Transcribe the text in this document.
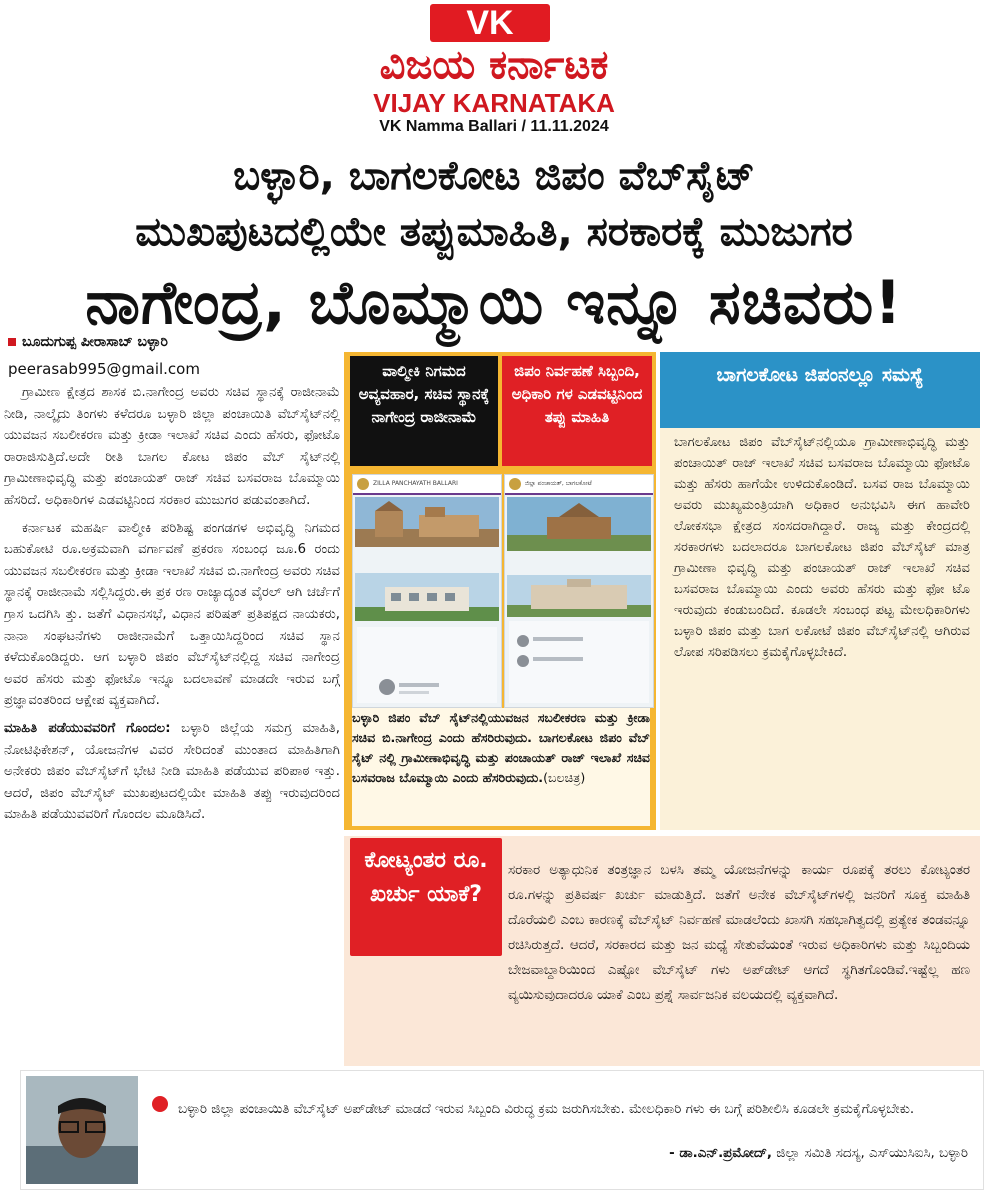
VK
ವಿಜಯ ಕರ್ನಾಟಕ
VIJAY KARNATAKA
VK Namma Ballari / 11.11.2024
ಬಳ್ಳಾರಿ, ಬಾಗಲಕೋಟ ಜಿಪಂ ವೆಬ್‌ಸೈಟ್
ಮುಖಪುಟದಲ್ಲಿಯೇ ತಪ್ಪುಮಾಹಿತಿ, ಸರಕಾರಕ್ಕೆ ಮುಜುಗರ
ನಾಗೇಂದ್ರ, ಬೊಮ್ಮಾಯಿ ಇನ್ನೂ ಸಚಿವರು!
ಬೂದುಗುಪ್ಪ ಪೀರಾಸಾಬ್ ಬಳ್ಳಾರಿ
peerasab995@gmail.com

ಗ್ರಾಮೀಣ ಕ್ಷೇತ್ರದ ಶಾಸಕ ಬಿ.ನಾಗೇಂದ್ರ ಅವರು ಸಚಿವ ಸ್ಥಾನಕ್ಕೆ ರಾಜೀನಾಮೆ ನೀಡಿ, ನಾಲ್ಕೈದು ತಿಂಗಳು ಕಳೆದರೂ ಬಳ್ಳಾರಿ ಜಿಲ್ಲಾ ಪಂಚಾಯಿತಿ ವೆಬ್‌ಸೈಟ್‌ನಲ್ಲಿ ಯುವಜನ ಸಬಲೀಕರಣ ಮತ್ತು ಕ್ರೀಡಾ ಇಲಾಖೆ ಸಚಿವ ಎಂದು ಹೆಸರು, ಫೋಟೊ ರಾರಾಜಿಸುತ್ತಿದೆ.ಅದೇ ರೀತಿ ಬಾಗಲ ಕೋಟ ಜಿಪಂ ವೆಬ್ ಸೈಟ್‌ನಲ್ಲಿ ಗ್ರಾಮೀಣಾಭಿವೃದ್ಧಿ ಮತ್ತು ಪಂಚಾಯತ್ ರಾಜ್ ಸಚಿವ ಬಸವರಾಜ ಬೊಮ್ಮಾಯಿ ಹೆಸರಿದೆ. ಅಧಿಕಾರಿಗಳ ಎಡವಟ್ಟಿನಿಂದ ಸರಕಾರ ಮುಜುಗರ ಪಡುವಂತಾಗಿದೆ.

ಕರ್ನಾಟಕ ಮಹರ್ಷಿ ವಾಲ್ಮೀಕಿ ಪರಿಶಿಷ್ಟ ಪಂಗಡಗಳ ಅಭಿವೃದ್ಧಿ ನಿಗಮದ ಬಹುಕೋಟಿ ರೂ.ಅಕ್ರಮವಾಗಿ ವರ್ಗಾವಣೆ ಪ್ರಕರಣ ಸಂಬಂಧ ಜೂ.6 ರಂದು ಯುವಜನ ಸಬಲೀಕರಣ ಮತ್ತು ಕ್ರೀಡಾ ಇಲಾಖೆ ಸಚಿವ ಬಿ.ನಾಗೇಂದ್ರ ಅವರು ಸಚಿವ ಸ್ಥಾನಕ್ಕೆ ರಾಜೀನಾಮೆ ಸಲ್ಲಿಸಿದ್ದರು.ಈ ಪ್ರಕ ರಣ ರಾಜ್ಯಾದ್ಯಂತ ವೈರಲ್ ಆಗಿ ಚರ್ಚೆಗೆ ಗ್ರಾಸ ಒದಗಿಸಿ ತ್ತು. ಜತೆಗೆ ವಿಧಾನಸಭೆ, ವಿಧಾನ ಪರಿಷತ್ ಪ್ರತಿಪಕ್ಷದ ನಾಯಕರು, ನಾನಾ ಸಂಘಟನೆಗಳು ರಾಜೀನಾಮೆಗೆ ಒತ್ತಾಯಿಸಿದ್ದರಿಂದ ಸಚಿವ ಸ್ಥಾನ ಕಳೆದುಕೊಂಡಿದ್ದರು. ಆಗ ಬಳ್ಳಾರಿ ಜಿಪಂ ವೆಬ್‌ಸೈಟ್‌ನಲ್ಲಿದ್ದ ಸಚಿವ ನಾಗೇಂದ್ರ ಅವರ ಹೆಸರು ಮತ್ತು ಫೋಟೊ ಇನ್ನೂ ಬದಲಾವಣೆ ಮಾಡದೇ ಇರುವ ಬಗ್ಗೆ ಪ್ರಜ್ಞಾವಂತರಿಂದ ಆಕ್ಷೇಪ ವ್ಯಕ್ತವಾಗಿದೆ.

ಮಾಹಿತಿ ಪಡೆಯುವವರಿಗೆ ಗೊಂದಲ: ಬಳ್ಳಾರಿ ಜಿಲ್ಲೆಯ ಸಮಗ್ರ ಮಾಹಿತಿ, ನೋಟಿಫಿಕೇಶನ್, ಯೋಜನೆಗಳ ವಿವರ ಸೇರಿದಂತೆ ಮುಂತಾದ ಮಾಹಿತಿಗಾಗಿ ಅನೇಕರು ಜಿಪಂ ವೆಬ್‌ಸೈಟ್‌ಗೆ ಭೇಟಿ ನೀಡಿ ಮಾಹಿತಿ ಪಡೆಯುವ ಪರಿಪಾಠ ಇತ್ತು. ಆದರೆ, ಜಿಪಂ ವೆಬ್‌ಸೈಟ್ ಮುಖಪುಟದಲ್ಲಿಯೇ ಮಾಹಿತಿ ತಪ್ಪು ಇರುವುದರಿಂದ ಮಾಹಿತಿ ಪಡೆಯುವವರಿಗೆ ಗೊಂದಲ ಮೂಡಿಸಿದೆ.

ವಾಲ್ಮೀಕಿ ನಿಗಮದ ಅವ್ಯವಹಾರ, ಸಚಿವ ಸ್ಥಾನಕ್ಕೆ ನಾಗೇಂದ್ರ ರಾಜೀನಾಮೆ
ಜಿಪಂ ನಿರ್ವಹಣೆ ಸಿಬ್ಬಂದಿ, ಅಧಿಕಾರಿ ಗಳ ಎಡವಟ್ಟಿನಿಂದ ತಪ್ಪು ಮಾಹಿತಿ
ZILLA PANCHAYATH BALLARI	ಜಿಲ್ಲಾ ಪಂಚಾಯತ್, ಬಾಗಲಕೋಟೆ
ಬಳ್ಳಾರಿ ಜಿಪಂ ವೆಬ್ ಸೈಟ್‌ನಲ್ಲಿಯುವಜನ ಸಬಲೀಕರಣ ಮತ್ತು ಕ್ರೀಡಾ ಸಚಿವ ಬಿ.ನಾಗೇಂದ್ರ ಎಂದು ಹೆಸರಿರುವುದು. ಬಾಗಲಕೋಟ ಜಿಪಂ ವೆಬ್ ಸೈಟ್ ನಲ್ಲಿ ಗ್ರಾಮೀಣಾಭಿವೃದ್ಧಿ ಮತ್ತು ಪಂಚಾಯತ್ ರಾಜ್ ಇಲಾಖೆ ಸಚಿವ ಬಸವರಾಜ ಬೊಮ್ಮಾಯಿ ಎಂದು ಹೆಸರಿರುವುದು.(ಬಲಚಿತ್ರ)
ಬಾಗಲಕೋಟ ಜಿಪಂನಲ್ಲೂ ಸಮಸ್ಯೆ

ಬಾಗಲಕೋಟ ಜಿಪಂ ವೆಬ್‌ಸೈಟ್‌ನಲ್ಲಿಯೂ ಗ್ರಾಮೀಣಾಭಿವೃದ್ಧಿ ಮತ್ತು ಪಂಚಾಯಿತ್ ರಾಜ್ ಇಲಾಖೆ ಸಚಿವ ಬಸವರಾಜ ಬೊಮ್ಮಾಯಿ ಫೋಟೊ ಮತ್ತು ಹೆಸರು ಹಾಗೆಯೇ ಉಳಿದುಕೊಂಡಿದೆ. ಬಸವ ರಾಜ ಬೊಮ್ಮಾಯಿ ಅವರು ಮುಖ್ಯಮಂತ್ರಿಯಾಗಿ ಅಧಿಕಾರ ಅನುಭವಿಸಿ ಈಗ ಹಾವೇರಿ ಲೋಕಸಭಾ ಕ್ಷೇತ್ರದ ಸಂಸದರಾಗಿದ್ದಾರೆ. ರಾಜ್ಯ ಮತ್ತು ಕೇಂದ್ರದಲ್ಲಿ ಸರಕಾರಗಳು ಬದಲಾದರೂ ಬಾಗಲಕೋಟ ಜಿಪಂ ವೆಬ್‌ಸೈಟ್ ಮಾತ್ರ ಗ್ರಾಮೀಣಾ ಭಿವೃದ್ಧಿ ಮತ್ತು ಪಂಚಾಯತ್ ರಾಜ್ ಇಲಾಖೆ ಸಚಿವ ಬಸವರಾಜ ಬೊಮ್ಮಾಯಿ ಎಂದು ಅವರು ಹೆಸರು ಮತ್ತು ಫೋ ಟೊ ಇರುವುದು ಕಂಡುಬಂದಿದೆ. ಕೂಡಲೇ ಸಂಬಂಧ ಪಟ್ಟ ಮೇಲಧಿಕಾರಿಗಳು ಬಳ್ಳಾರಿ ಜಿಪಂ ಮತ್ತು ಬಾಗ ಲಕೋಟೆ ಜಿಪಂ ವೆಬ್‌ಸೈಟ್‌ನಲ್ಲಿ ಆಗಿರುವ ಲೋಪ ಸರಿಪಡಿಸಲು ಕ್ರಮಕೈಗೊಳ್ಳಬೇಕಿದೆ.

ಕೋಟ್ಯಂತರ ರೂ. ಖರ್ಚು ಯಾಕೆ?

ಸರಕಾರ ಅತ್ಯಾಧುನಿಕ ತಂತ್ರಜ್ಞಾನ ಬಳಸಿ ತಮ್ಮ ಯೋಜನೆಗಳನ್ನು ಕಾರ್ಯ ರೂಪಕ್ಕೆ ತರಲು ಕೋಟ್ಯಂತರ ರೂ.ಗಳನ್ನು ಪ್ರತಿವರ್ಷ ಖರ್ಚು ಮಾಡುತ್ತಿದೆ. ಜತೆಗೆ ಅನೇಕ ವೆಬ್‌ಸೈಟ್‌ಗಳಲ್ಲಿ ಜನರಿಗೆ ಸೂಕ್ತ ಮಾಹಿತಿ ದೊರೆಯಲಿ ಎಂಬ ಕಾರಣಕ್ಕೆ ವೆಬ್‌ಸೈಟ್ ನಿರ್ವಹಣೆ ಮಾಡಲೆಂದು ಖಾಸಗಿ ಸಹಭಾಗಿತ್ವದಲ್ಲಿ ಪ್ರತ್ಯೇಕ ತಂಡವನ್ನೂ ರಚಿಸಿರುತ್ತದೆ. ಆದರೆ, ಸರಕಾರದ ಮತ್ತು ಜನ ಮಧ್ಯೆ ಸೇತುವೆಯಂತೆ ಇರುವ ಅಧಿಕಾರಿಗಳು ಮತ್ತು ಸಿಬ್ಬಂದಿಯ ಬೇಜವಾಬ್ದಾರಿಯಿಂದ ಎಷ್ಟೋ ವೆಬ್‌ಸೈಟ್ ಗಳು ಅಪ್‌ಡೇಟ್ ಆಗದೆ ಸ್ಥಗಿತಗೊಂಡಿವೆ.ಇಷ್ಟೆಲ್ಲ ಹಣ ವ್ಯಯಿಸುವುದಾದರೂ ಯಾಕೆ ಎಂಬ ಪ್ರಶ್ನೆ ಸಾರ್ವಜನಿಕ ವಲಯದಲ್ಲಿ ವ್ಯಕ್ತವಾಗಿದೆ.

ಬಳ್ಳಾರಿ ಜಿಲ್ಲಾ ಪಂಚಾಯಿತಿ ವೆಬ್‌ಸೈಟ್ ಅಪ್‌ಡೇಟ್ ಮಾಡದೆ ಇರುವ ಸಿಬ್ಬಂದಿ ವಿರುದ್ಧ ಕ್ರಮ ಜರುಗಿಸಬೇಕು. ಮೇಲಧಿಕಾರಿ ಗಳು ಈ ಬಗ್ಗೆ ಪರಿಶೀಲಿಸಿ ಕೂಡಲೇ ಕ್ರಮಕೈಗೊಳ್ಳಬೇಕು.
- ಡಾ.ಎನ್.ಪ್ರಮೋದ್, ಜಿಲ್ಲಾ ಸಮಿತಿ ಸದಸ್ಯ, ಎಸ್‌ಯುಸಿಐಸಿ, ಬಳ್ಳಾರಿ
